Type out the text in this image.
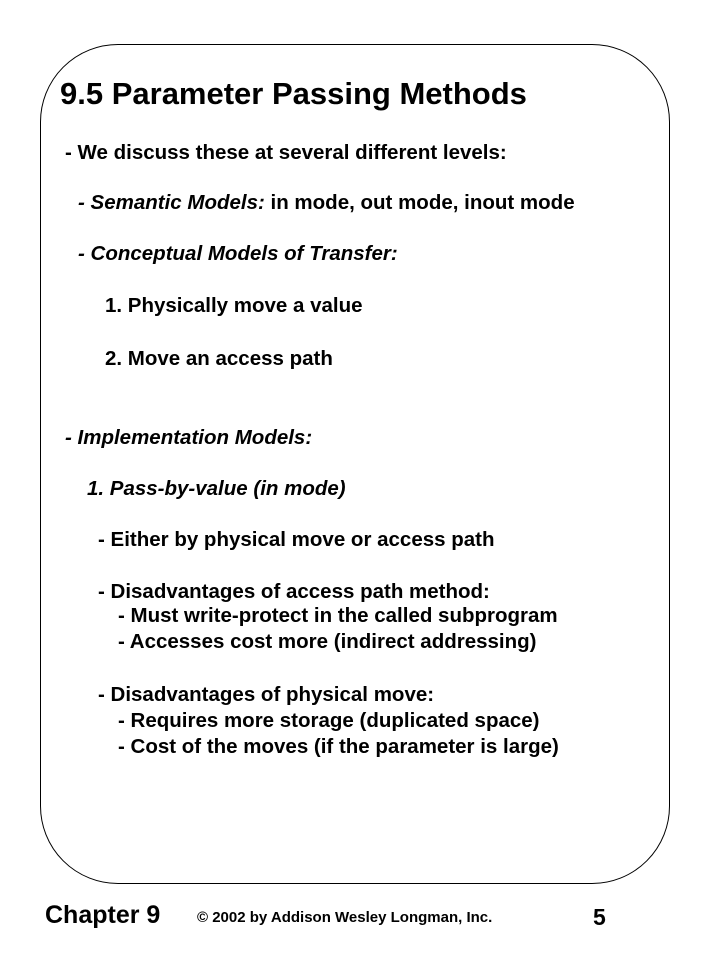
9.5 Parameter Passing Methods
- We discuss these at several different levels:
- Semantic Models: in mode, out mode, inout mode
- Conceptual Models of Transfer:
1. Physically move a value
2. Move an access path
- Implementation Models:
1. Pass-by-value (in mode)
- Either by physical move or access path
- Disadvantages of access path method:
- Must write-protect in the called subprogram
- Accesses cost more (indirect addressing)
- Disadvantages of physical move:
- Requires more storage (duplicated space)
- Cost of the moves (if the parameter is large)
Chapter 9 © 2002 by Addison Wesley Longman, Inc.	5
